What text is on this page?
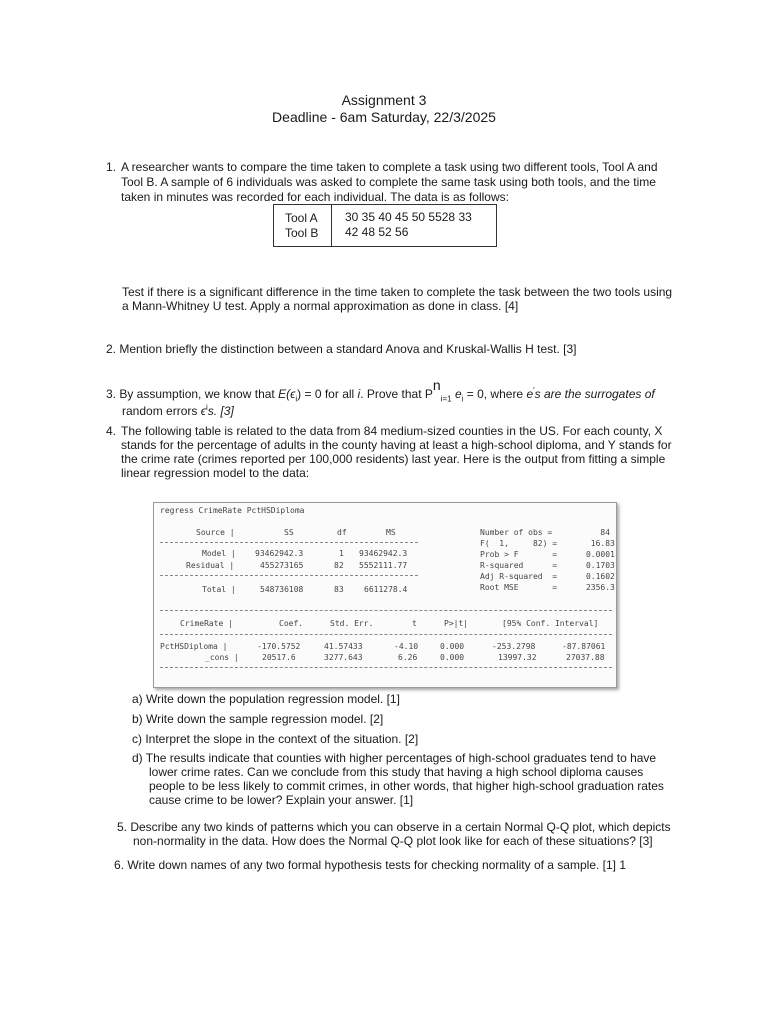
Assignment 3
Deadline - 6am Saturday, 22/3/2025
1. A researcher wants to compare the time taken to complete a task using two different tools, Tool A and
Tool B. A sample of 6 individuals was asked to complete the same task using both tools, and the time
taken in minutes was recorded for each individual. The data is as follows:
Tool A 30 35 40 45 50 5528 33
Tool B 42 48 52 56
Test if there is a significant difference in the time taken to complete the task between the two tools using
a Mann-Whitney U test. Apply a normal approximation as done in class. [4]
2. Mention briefly the distinction between a standard Anova and Kruskal-Wallis H test. [3]
3. By assumption, we know that $E(\epsilon_i) = 0$ for all i. Prove that $Pn_{i=1}$ $e_i = 0$, where e′s are the surrogates of
random errors $\epsilon^is$. [3]
4. The following table is related to the data from 84 medium-sized counties in the US. For each county, X
stands for the percentage of adults in the county having at least a high-school diploma, and Y stands for
the crime rate (crimes reported per 100,000 residents) last year. Here is the output from fitting a simple
linear regression model to the data:
regress CrimeRate PctHSDiploma
Source |	SS	df	MS
Model | 93462942.3	1 93462942.3
Residual |	455273165	82 5552111.77
Total |	548736108	83	6611278.4
Number of obs =          84
F(  1,     82) =       16.83
Prob > F       =      0.0001
R-squared      =      0.1703
Adj R-squared  =      0.1602
Root MSE       =      2356.3
CrimeRate |	Coef.	Std. Err.	t	P>|t|	[95% Conf. Interval]
PctHSDiploma |	-170.5752	41.57433	-4.10	0.000	-253.2798	-87.87061
_cons |	20517.6	3277.643	6.26	0.000	13997.32	27037.88
a) Write down the population regression model. [1]
b) Write down the sample regression model. [2]
c) Interpret the slope in the context of the situation. [2]
d) The results indicate that counties with higher percentages of high-school graduates tend to have
lower crime rates. Can we conclude from this study that having a high school diploma causes
people to be less likely to commit crimes, in other words, that higher high-school graduation rates
cause crime to be lower? Explain your answer. [1]
5. Describe any two kinds of patterns which you can observe in a certain Normal Q-Q plot, which depicts
non-normality in the data. How does the Normal Q-Q plot look like for each of these situations? [3]
6. Write down names of any two formal hypothesis tests for checking normality of a sample. [1] 1
